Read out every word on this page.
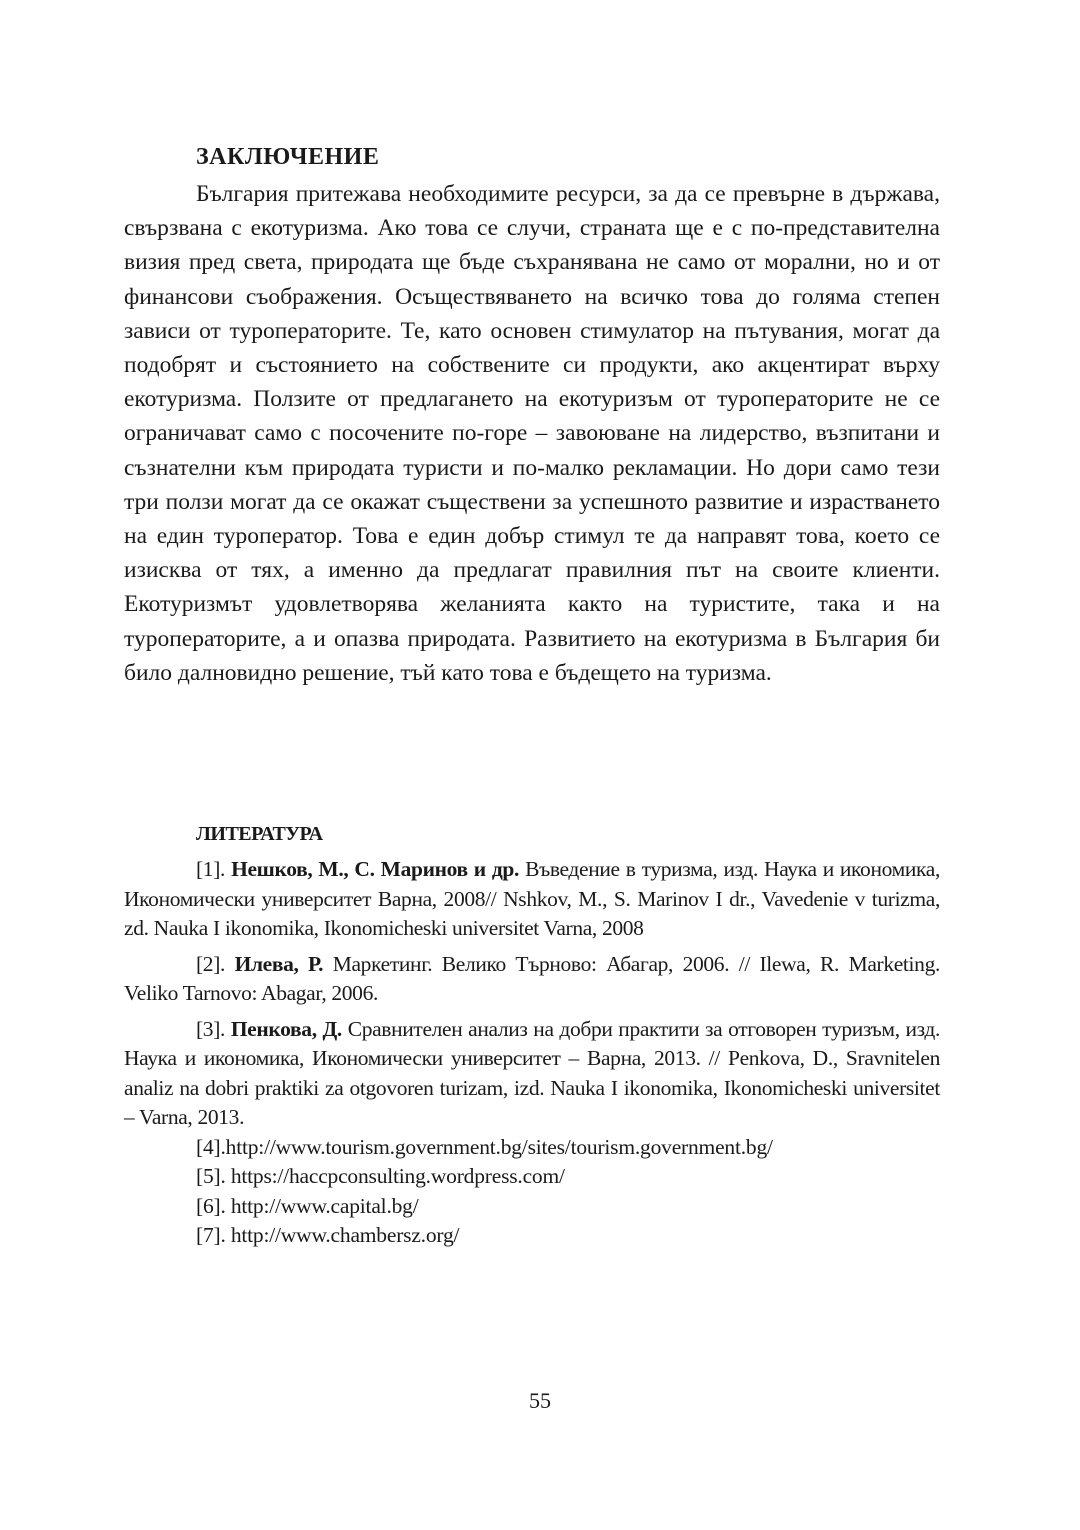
ЗАКЛЮЧЕНИЕ

България притежава необходимите ресурси, за да се превърне в държава, свързвана с екотуризма. Ако това се случи, страната ще е с по-представителна визия пред света, природата ще бъде съхранявана не само от морални, но и от финансови съображения. Осъществяването на всичко това до голяма степен зависи от туроператорите. Те, като основен стимулатор на пътувания, могат да подобрят и състоянието на собствените си продукти, ако акцентират върху екотуризма. Ползите от предлагането на екотуризъм от туроператорите не се ограничават само с посочените по-горе – завоюване на лидерство, възпитани и съзнателни към природата туристи и по-малко рекламации. Но дори само тези три ползи могат да се окажат съществени за успешното развитие и израстването на един туроператор. Това е един добър стимул те да направят това, което се изисква от тях, а именно да предлагат правилния път на своите клиенти. Екотуризмът удовлетворява желанията както на туристите, така и на туроператорите, а и опазва природата. Развитието на екотуризма в България би било далновидно решение, тъй като това е бъдещето на туризма.

ЛИТЕРАТУРА

[1]. Нешков, М., С. Маринов и др. Въведение в туризма, изд. Наука и икономика, Икономически университет Варна, 2008// Nshkov, M., S. Marinov I dr., Vavedenie v turizma, zd. Nauka I ikonomika, Ikonomicheski universitet Varna, 2008

[2]. Илева, Р. Маркетинг. Велико Търново: Абагар, 2006. // Ilewa, R. Marketing. Veliko Tarnovo: Abagar, 2006.

[3]. Пенкова, Д. Сравнителен анализ на добри практити за отговорен туризъм, изд. Наука и икономика, Икономически университет – Варна, 2013. // Penkova, D., Sravnitelen analiz na dobri praktiki za otgovoren turizam, izd. Nauka I ikonomika, Ikonomicheski universitet – Varna, 2013.

[4].http://www.tourism.government.bg/sites/tourism.government.bg/

[5]. https://haccpconsulting.wordpress.com/

[6]. http://www.capital.bg/

[7]. http://www.chambersz.org/

55
